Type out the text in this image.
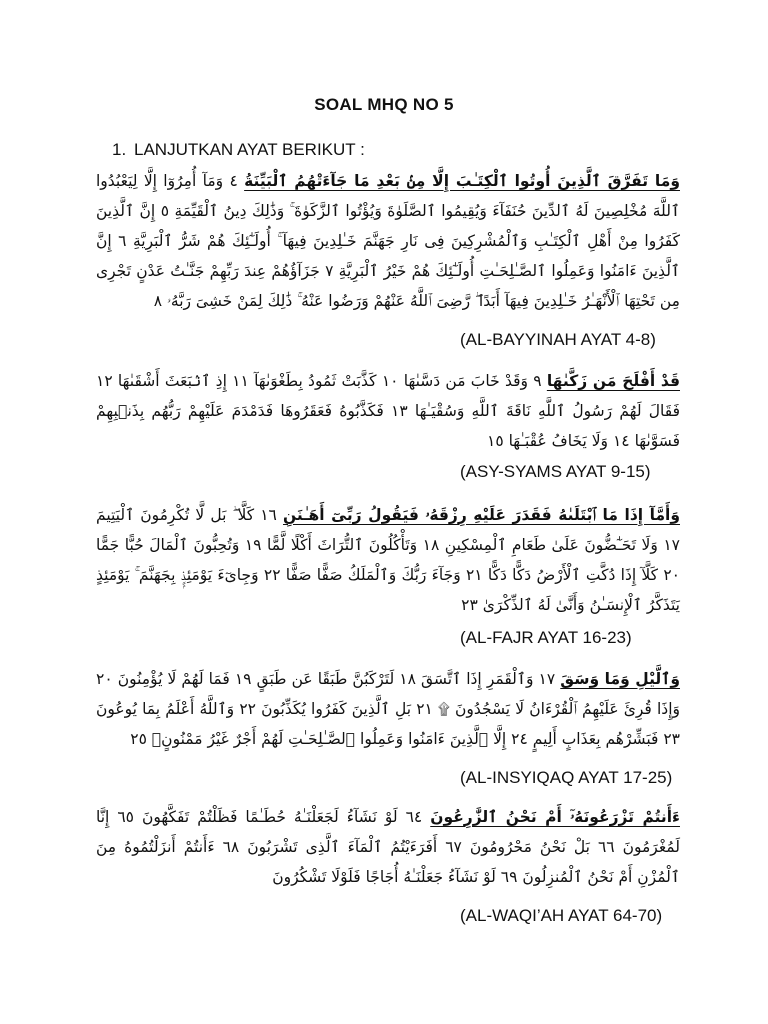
SOAL MHQ NO 5
1. LANJUTKAN AYAT BERIKUT :
وَمَا تَفَرَّقَ ٱلَّذِينَ أُوتُوا ٱلْكِتَـٰبَ إِلَّا مِنۢ بَعْدِ مَا جَآءَتْهُمُ ٱلْبَيِّنَةُ ٤ وَمَآ أُمِرُوٓا إِلَّا لِيَعْبُدُوا ٱللَّهَ مُخْلِصِينَ لَهُ ٱلدِّينَ حُنَفَآءَ وَيُقِيمُوا ٱلصَّلَوٰةَ وَيُؤْتُوا ٱلزَّكَوٰةَ ۚ وَذَٰلِكَ دِينُ ٱلْقَيِّمَةِ ٥ إِنَّ ٱلَّذِينَ كَفَرُوا مِنْ أَهْلِ ٱلْكِتَـٰبِ وَٱلْمُشْرِكِينَ فِى نَارِ جَهَنَّمَ خَـٰلِدِينَ فِيهَآ ۚ أُولَـٰٓئِكَ هُمْ شَرُّ ٱلْبَرِيَّةِ ٦ إِنَّ ٱلَّذِينَ ءَامَنُوا وَعَمِلُوا ٱلصَّـٰلِحَـٰتِ أُولَـٰٓئِكَ هُمْ خَيْرُ ٱلْبَرِيَّةِ ٧ جَزَآؤُهُمْ عِندَ رَبِّهِمْ جَنَّـٰتُ عَدْنٍ تَجْرِى مِن تَحْتِهَا ٱلْأَنْهَـٰرُ خَـٰلِدِينَ فِيهَآ أَبَدًا ۖ رَّضِىَ ٱللَّهُ عَنْهُمْ وَرَضُوا عَنْهُ ۚ ذَٰلِكَ لِمَنْ خَشِىَ رَبَّهُۥ ٨
(AL-BAYYINAH AYAT 4-8)
قَدْ أَفْلَحَ مَن زَكَّىٰهَا ٩ وَقَدْ خَابَ مَن دَسَّىٰهَا ١٠ كَذَّبَتْ ثَمُودُ بِطَغْوَىٰهَآ ١١ إِذِ ٱنۢبَعَثَ أَشْقَىٰهَا ١٢ فَقَالَ لَهُمْ رَسُولُ ٱللَّهِ نَاقَةَ ٱللَّهِ وَسُقْيَـٰهَا ١٣ فَكَذَّبُوهُ فَعَقَرُوهَا فَدَمْدَمَ عَلَيْهِمْ رَبُّهُم بِذَنۢبِهِمْ فَسَوَّىٰهَا ١٤ وَلَا يَخَافُ عُقْبَـٰهَا ١٥
(ASY-SYAMS AYAT 9-15)
وَأَمَّآ إِذَا مَا ٱبْتَلَىٰهُ فَقَدَرَ عَلَيْهِ رِزْقَهُۥ فَيَقُولُ رَبِّىٓ أَهَـٰنَنِ ١٦ كَلَّا ۖ بَل لَّا تُكْرِمُونَ ٱلْيَتِيمَ ١٧ وَلَا تَحَـٰٓضُّونَ عَلَىٰ طَعَامِ ٱلْمِسْكِينِ ١٨ وَتَأْكُلُونَ ٱلتُّرَاثَ أَكْلًا لَّمًّا ١٩ وَتُحِبُّونَ ٱلْمَالَ حُبًّا جَمًّا ٢٠ كَلَّآ إِذَا دُكَّتِ ٱلْأَرْضُ دَكًّا دَكًّا ٢١ وَجَآءَ رَبُّكَ وَٱلْمَلَكُ صَفًّا صَفًّا ٢٢ وَجِاىٓءَ يَوْمَئِذٍۭ بِجَهَنَّمَ ۚ يَوْمَئِذٍ يَتَذَكَّرُ ٱلْإِنسَـٰنُ وَأَنَّىٰ لَهُ ٱلذِّكْرَىٰ ٢٣
(AL-FAJR AYAT 16-23)
وَٱلَّيْلِ وَمَا وَسَقَ ١٧ وَٱلْقَمَرِ إِذَا ٱتَّسَقَ ١٨ لَتَرْكَبُنَّ طَبَقًا عَن طَبَقٍ ١٩ فَمَا لَهُمْ لَا يُؤْمِنُونَ ٢٠ وَإِذَا قُرِئَ عَلَيْهِمُ ٱلْقُرْءَانُ لَا يَسْجُدُونَ ۩ ٢١ بَلِ ٱلَّذِينَ كَفَرُوا يُكَذِّبُونَ ٢٢ وَٱللَّهُ أَعْلَمُ بِمَا يُوعُونَ ٢٣ فَبَشِّرْهُم بِعَذَابٍ أَلِيمٍ ٢٤ إِلَّا ٱلَّذِينَ ءَامَنُوا وَعَمِلُوا ٱلصَّـٰلِحَـٰتِ لَهُمْ أَجْرٌ غَيْرُ مَمْنُونٍۭ ٢٥
(AL-INSYIQAQ AYAT 17-25)
ءَأَنتُمْ تَزْرَعُونَهُۥٓ أَمْ نَحْنُ ٱلزَّٰرِعُونَ ٦٤ لَوْ نَشَآءُ لَجَعَلْنَـٰهُ حُطَـٰمًا فَظَلْتُمْ تَفَكَّهُونَ ٦٥ إِنَّا لَمُغْرَمُونَ ٦٦ بَلْ نَحْنُ مَحْرُومُونَ ٦٧ أَفَرَءَيْتُمُ ٱلْمَآءَ ٱلَّذِى تَشْرَبُونَ ٦٨ ءَأَنتُمْ أَنزَلْتُمُوهُ مِنَ ٱلْمُزْنِ أَمْ نَحْنُ ٱلْمُنزِلُونَ ٦٩ لَوْ نَشَآءُ جَعَلْنَـٰهُ أُجَاجًا فَلَوْلَا تَشْكُرُونَ
(AL-WAQI’AH AYAT 64-70)
